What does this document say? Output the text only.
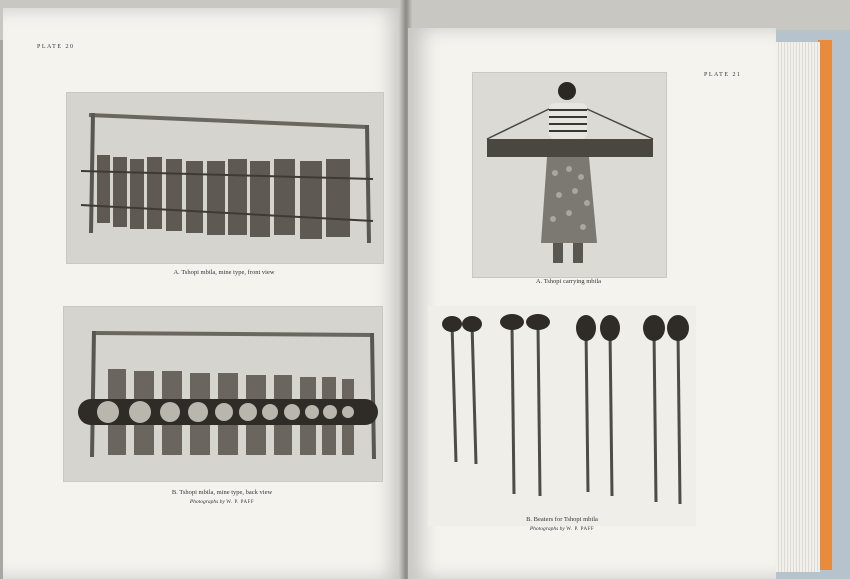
PLATE 20
A. Tshopi mbila, mine type, front view
B. Tshopi mbila, mine type, back view
Photographs by W. P. PAFF
PLATE 21
A. Tshopi carrying mbila
B. Beaters for Tshopi mbila
Photographs by W. P. PAFF
